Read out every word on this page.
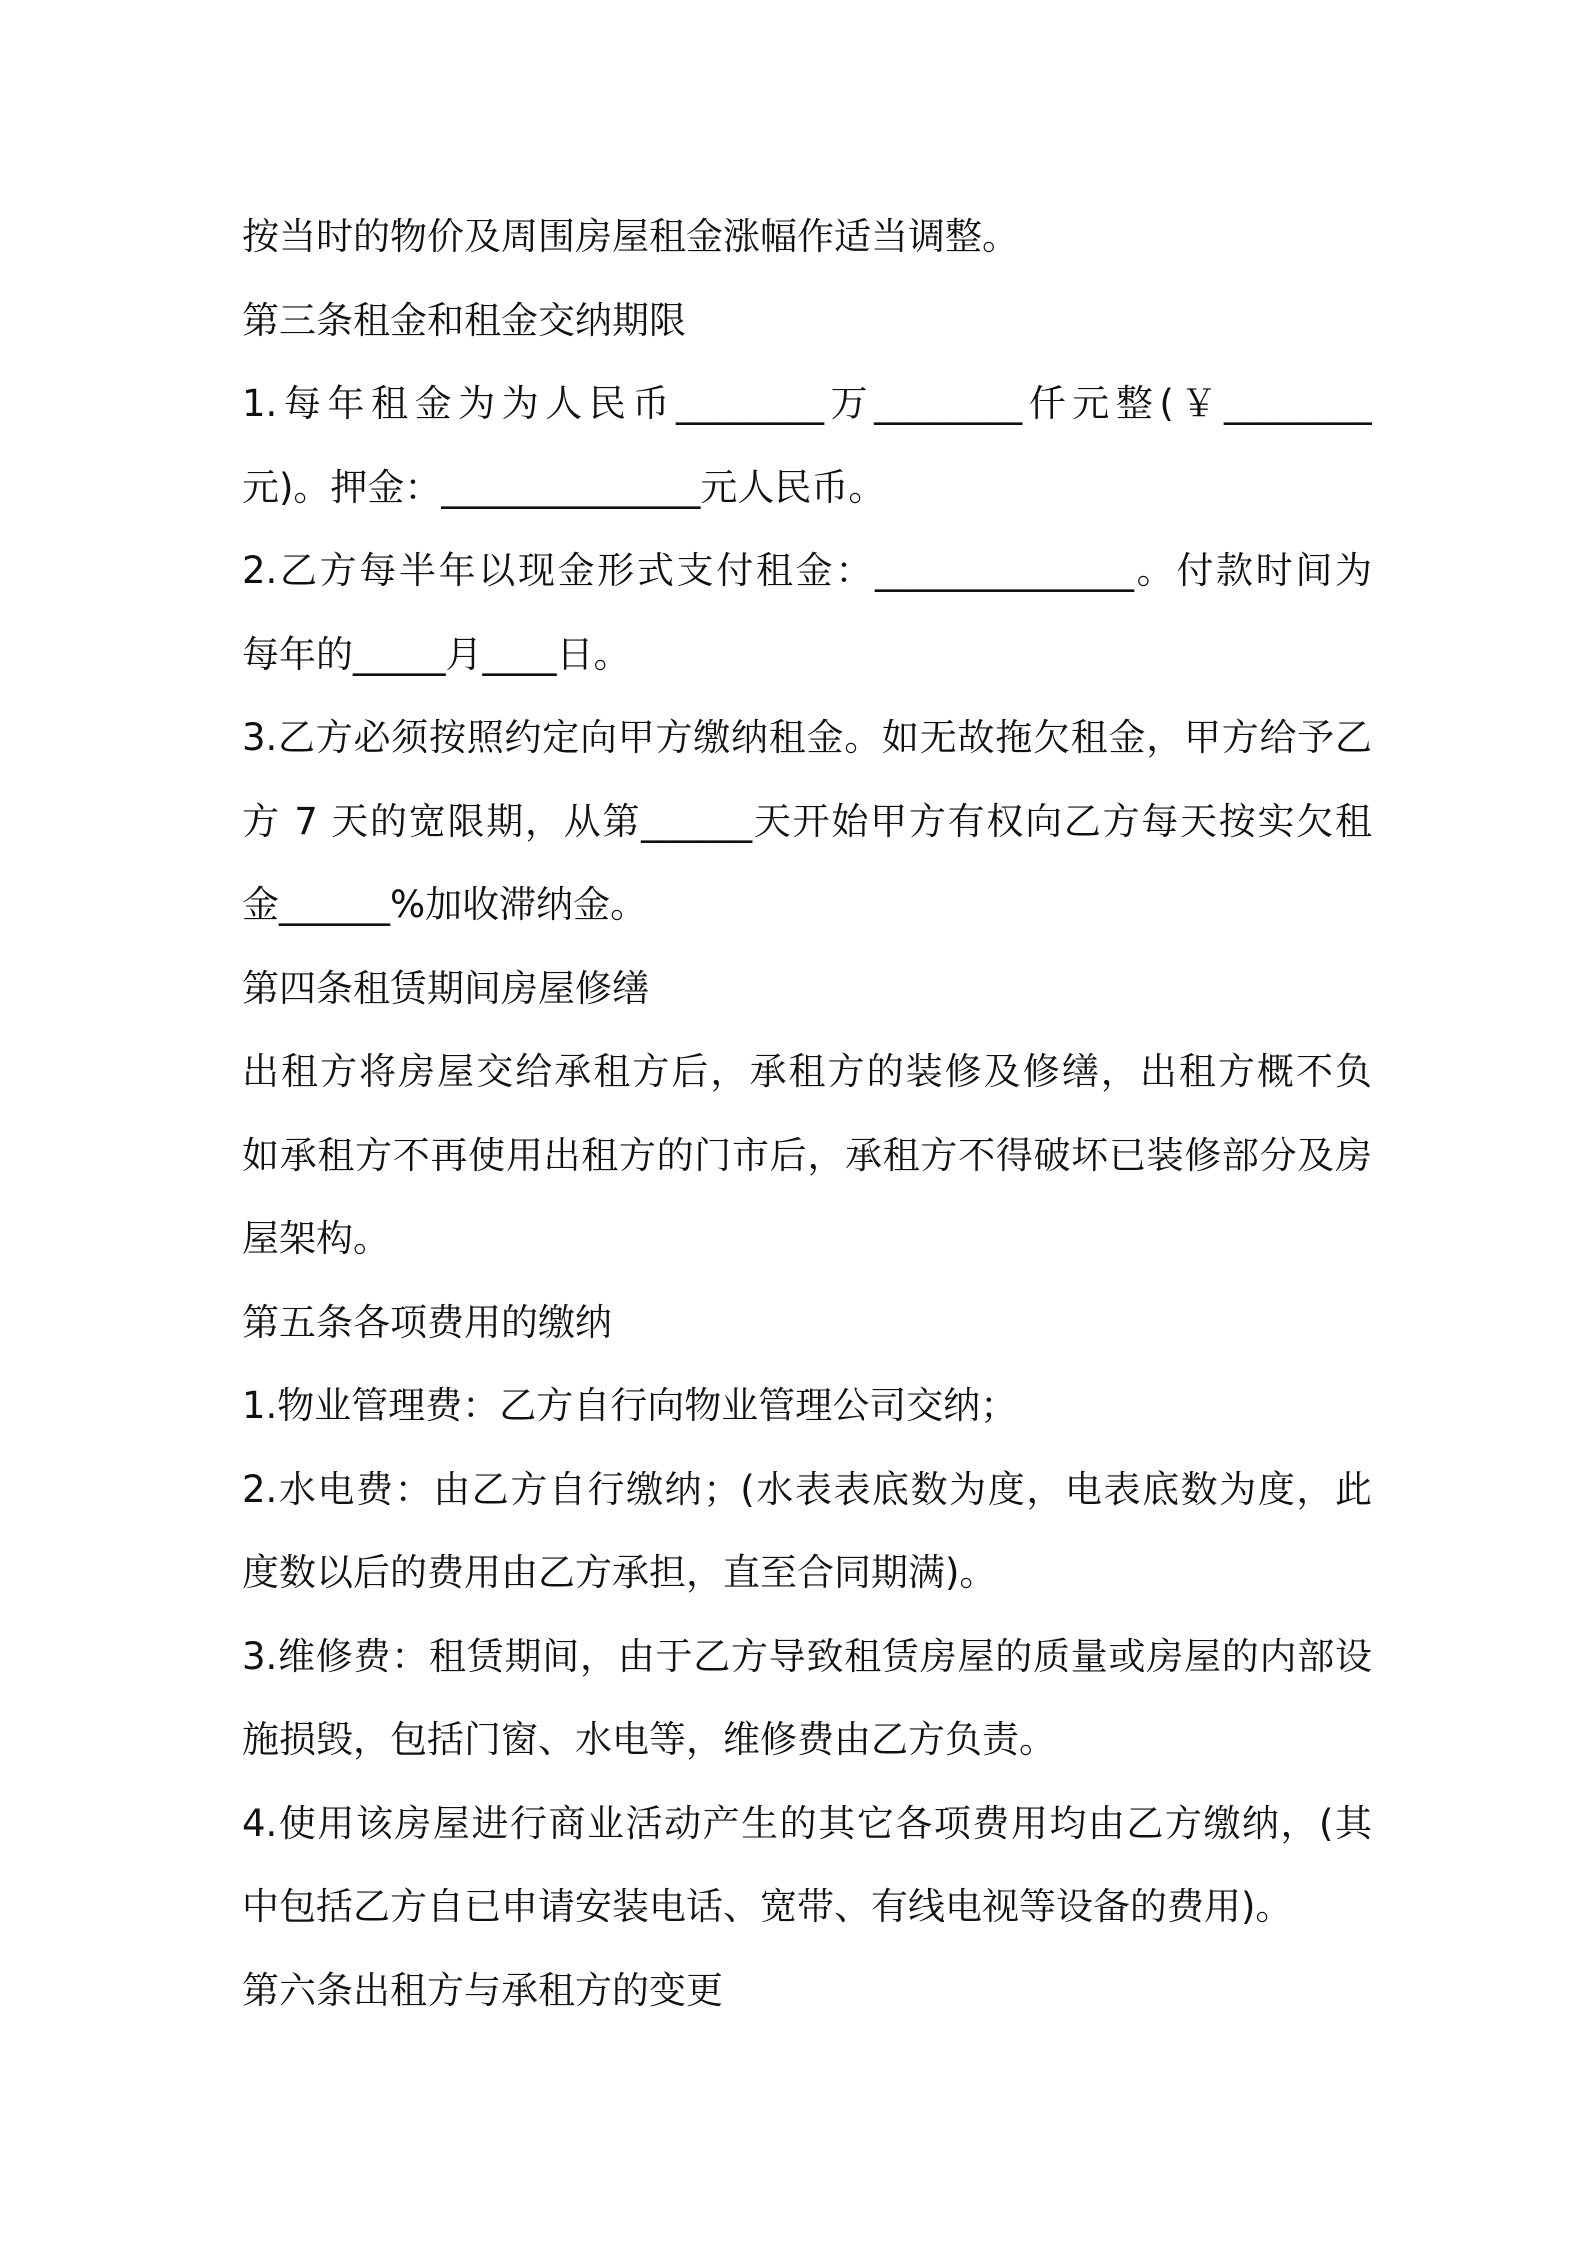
按当时的物价及周围房屋租金涨幅作适当调整。
第三条租金和租金交纳期限
1.每年租金为为人民币________万________仟元整(￥________
元)。押金：______________元人民币。
2.乙方每半年以现金形式支付租金：______________。付款时间为
每年的_____月____日。
3.乙方必须按照约定向甲方缴纳租金。如无故拖欠租金，甲方给予乙
方 7 天的宽限期，从第______天开始甲方有权向乙方每天按实欠租
金______%加收滞纳金。
第四条租赁期间房屋修缮
出租方将房屋交给承租方后，承租方的装修及修缮，出租方概不负
如承租方不再使用出租方的门市后，承租方不得破坏已装修部分及房
屋架构。
第五条各项费用的缴纳
1.物业管理费：乙方自行向物业管理公司交纳；
2.水电费：由乙方自行缴纳；(水表表底数为度，电表底数为度，此
度数以后的费用由乙方承担，直至合同期满)。
3.维修费：租赁期间，由于乙方导致租赁房屋的质量或房屋的内部设
施损毁，包括门窗、水电等，维修费由乙方负责。
4.使用该房屋进行商业活动产生的其它各项费用均由乙方缴纳，(其
中包括乙方自已申请安装电话、宽带、有线电视等设备的费用)。
第六条出租方与承租方的变更
